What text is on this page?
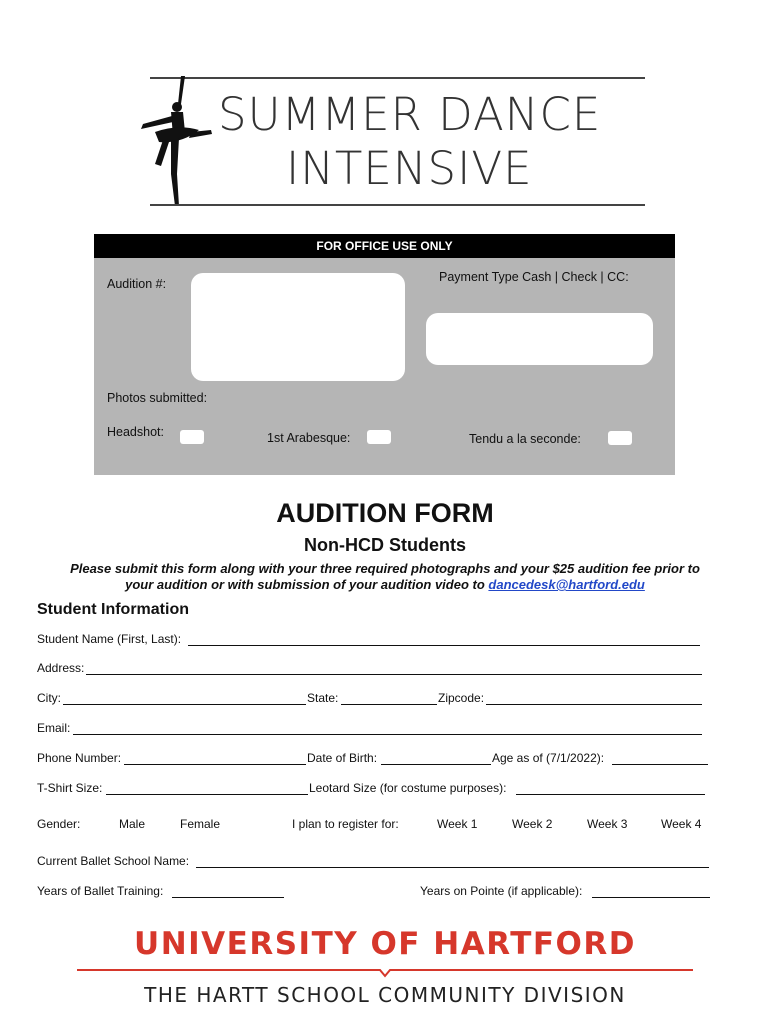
SUMMER DANCE
INTENSIVE
FOR OFFICE USE ONLY
Audition #:	Payment Type Cash | Check | CC:
Photos submitted:
Headshot:	1st Arabesque:	Tendu a la seconde:
AUDITION FORM
Non-HCD Students
Please submit this form along with your three required photographs and your $25 audition fee prior to
your audition or with submission of your audition video to dancedesk@hartford.edu
Student Information
Student Name (First, Last):
Address:
City:	State:	Zipcode:
Email:
Phone Number:	Date of Birth:	Age as of (7/1/2022):
T-Shirt Size:	Leotard Size (for costume purposes):
Gender:	Male	Female	I plan to register for:	Week 1	Week 2	Week 3	Week 4
Current Ballet School Name:
Years of Ballet Training:	Years on Pointe (if applicable):
UNIVERSITY OF HARTFORD
THE HARTT SCHOOL COMMUNITY DIVISION
